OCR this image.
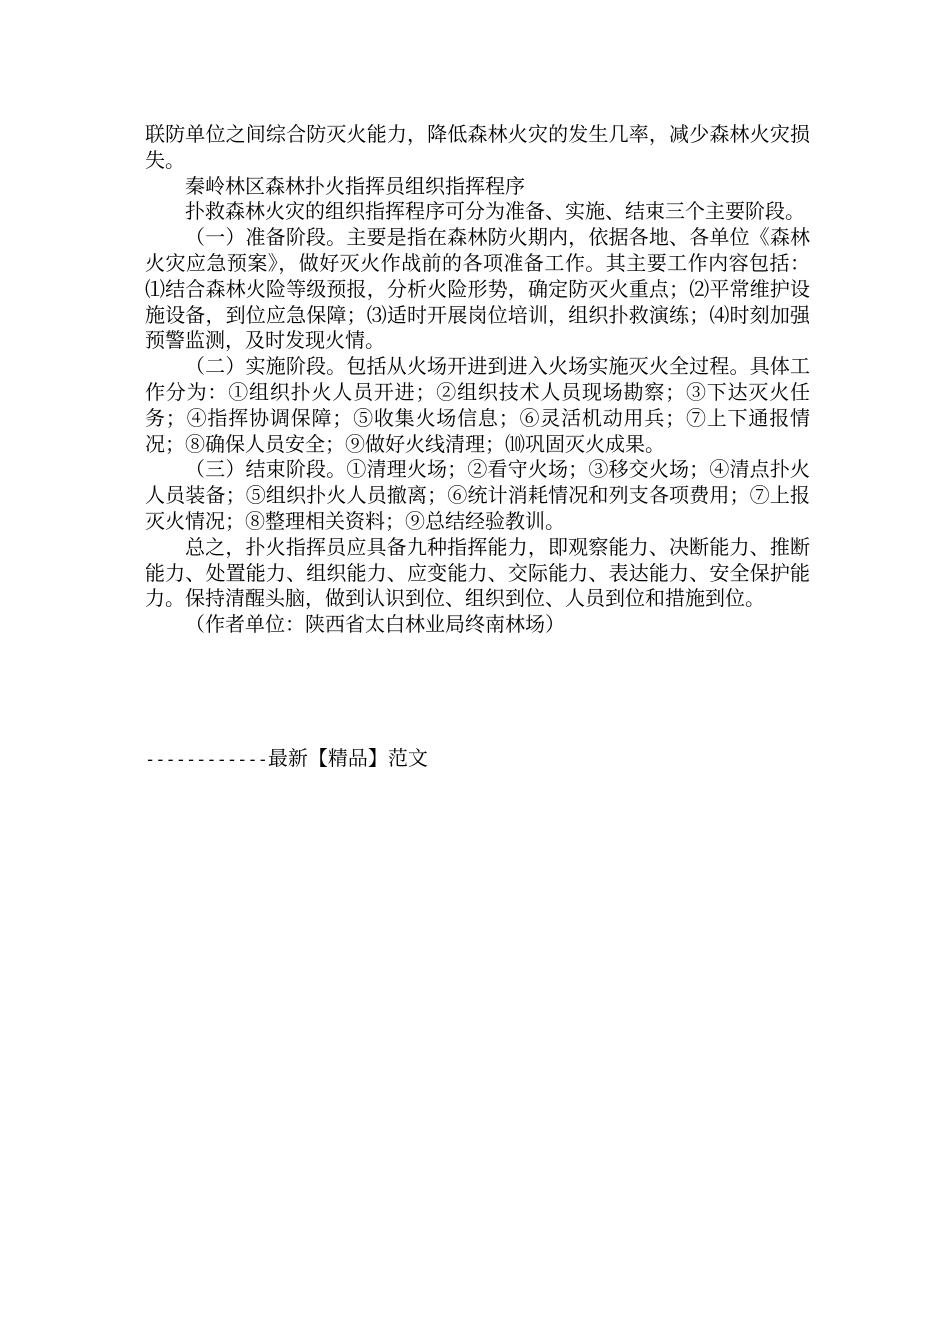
联防单位之间综合防灭火能力，降低森林火灾的发生几率，减少森林火灾损失。

秦岭林区森林扑火指挥员组织指挥程序

扑救森林火灾的组织指挥程序可分为准备、实施、结束三个主要阶段。

（一）准备阶段。主要是指在森林防火期内，依据各地、各单位《森林火灾应急预案》，做好灭火作战前的各项准备工作。其主要工作内容包括：⑴结合森林火险等级预报，分析火险形势，确定防灭火重点；⑵平常维护设施设备，到位应急保障；⑶适时开展岗位培训，组织扑救演练；⑷时刻加强预警监测，及时发现火情。

（二）实施阶段。包括从火场开进到进入火场实施灭火全过程。具体工作分为：①组织扑火人员开进；②组织技术人员现场勘察；③下达灭火任务；④指挥协调保障；⑤收集火场信息；⑥灵活机动用兵；⑦上下通报情况；⑧确保人员安全；⑨做好火线清理；⑽巩固灭火成果。

（三）结束阶段。①清理火场；②看守火场；③移交火场；④清点扑火人员装备；⑤组织扑火人员撤离；⑥统计消耗情况和列支各项费用；⑦上报灭火情况；⑧整理相关资料；⑨总结经验教训。

总之，扑火指挥员应具备九种指挥能力，即观察能力、决断能力、推断能力、处置能力、组织能力、应变能力、交际能力、表达能力、安全保护能力。保持清醒头脑，做到认识到位、组织到位、人员到位和措施到位。

（作者单位：陕西省太白林业局终南林场）

------------最新【精品】范文
